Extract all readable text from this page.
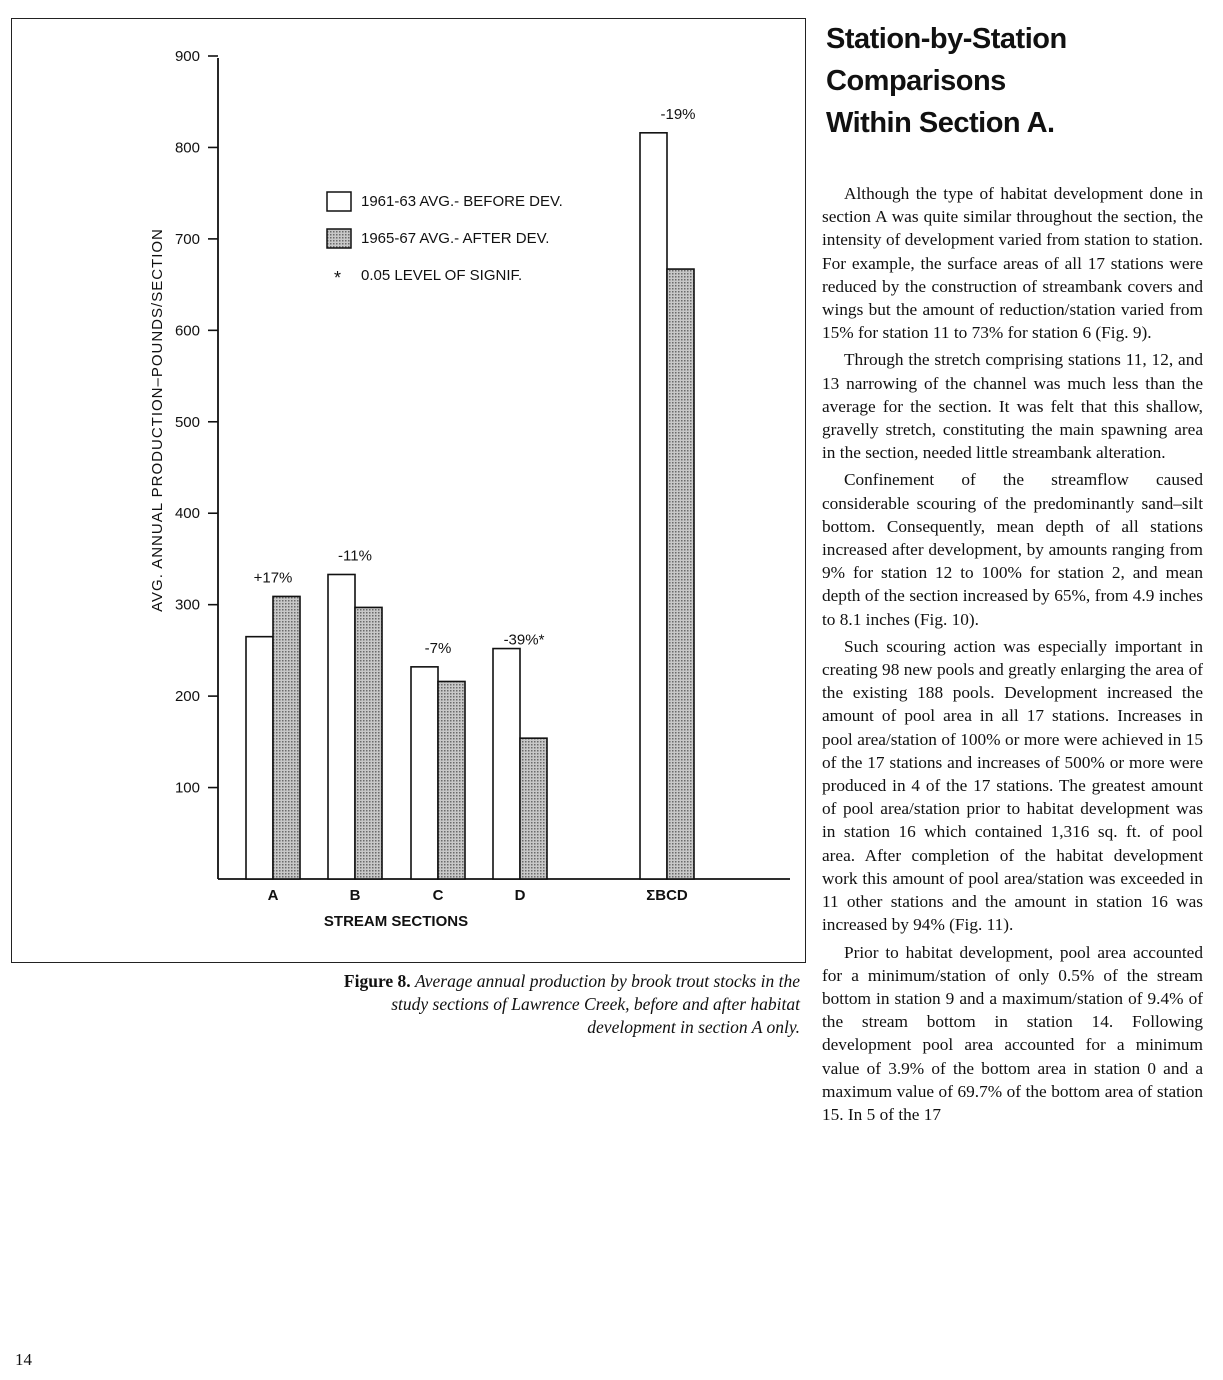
100
200
300
400
500
600
700
800
900
+17%
-11%
-7%	-39%*
-19%
A	B	C	D	ΣBCD
AVG. ANNUAL PRODUCTION–POUNDS/SECTION
STREAM SECTIONS
1961-63 AVG.- BEFORE DEV.
1965-67 AVG.- AFTER DEV.
* 0.05 LEVEL OF SIGNIF.
Figure 8. Average annual production by brook trout stocks in the study sections of Lawrence Creek, before and after habitat development in section A only.
Station-by-Station
Comparisons
Within Section A.

Although the type of habitat development done in section A was quite similar throughout the section, the intensity of development varied from station to station. For example, the surface areas of all 17 stations were reduced by the construction of streambank covers and wings but the amount of reduction/station varied from 15% for station 11 to 73% for station 6 (Fig. 9).

Through the stretch comprising stations 11, 12, and 13 narrowing of the channel was much less than the average for the section. It was felt that this shallow, gravelly stretch, constituting the main spawning area in the section, needed little streambank alteration.

Confinement of the streamflow caused considerable scouring of the predominantly sand–silt bottom. Consequently, mean depth of all stations increased after development, by amounts ranging from 9% for station 12 to 100% for station 2, and mean depth of the section increased by 65%, from 4.9 inches to 8.1 inches (Fig. 10).

Such scouring action was especially important in creating 98 new pools and greatly enlarging the area of the existing 188 pools. Development increased the amount of pool area in all 17 stations. Increases in pool area/station of 100% or more were achieved in 15 of the 17 stations and increases of 500% or more were produced in 4 of the 17 stations. The greatest amount of pool area/station prior to habitat development was in station 16 which contained 1,316 sq. ft. of pool area. After completion of the habitat development work this amount of pool area/station was exceeded in 11 other stations and the amount in station 16 was increased by 94% (Fig. 11).

Prior to habitat development, pool area accounted for a minimum/station of only 0.5% of the stream bottom in station 9 and a maximum/station of 9.4% of the stream bottom in station 14. Following development pool area accounted for a minimum value of 3.9% of the bottom area in station 0 and a maximum value of 69.7% of the bottom area of station 15. In 5 of the 17

14
